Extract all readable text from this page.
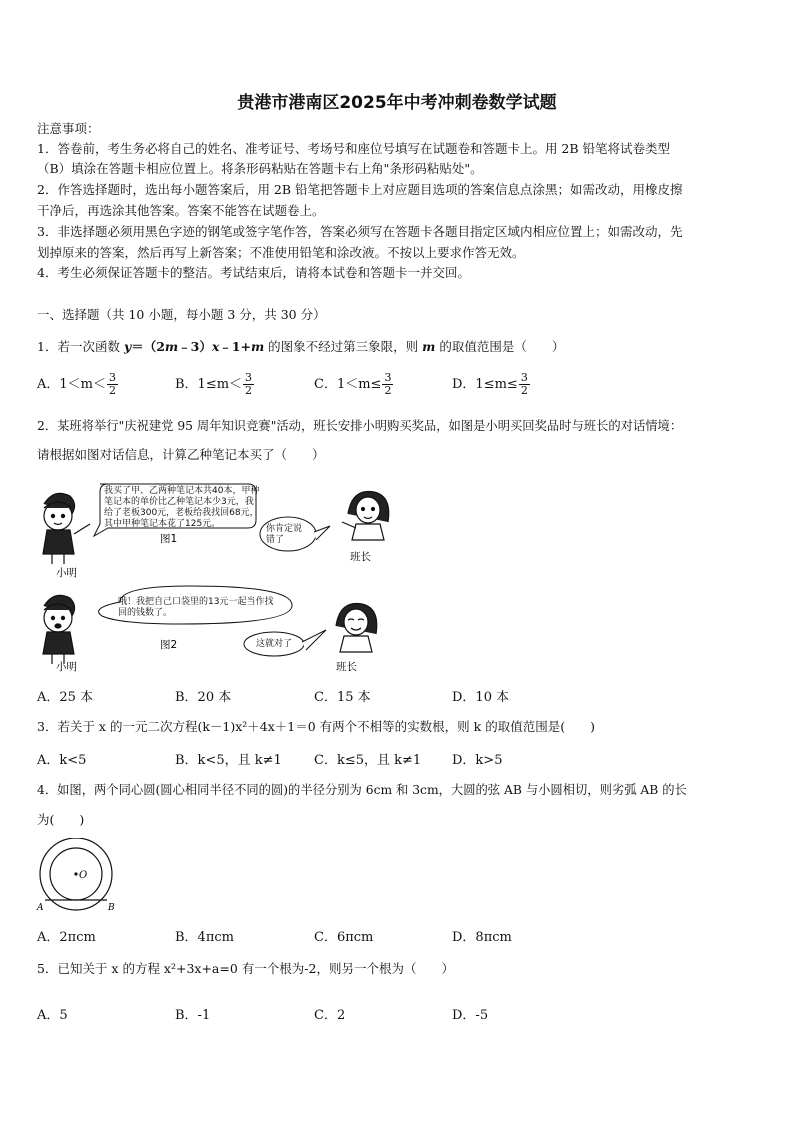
贵港市港南区2025年中考冲刺卷数学试题
注意事项：
1．答卷前，考生务必将自己的姓名、准考证号、考场号和座位号填写在试题卷和答题卡上。用 2B 铅笔将试卷类型
（B）填涂在答题卡相应位置上。将条形码粘贴在答题卡右上角"条形码粘贴处"。
2．作答选择题时，选出每小题答案后，用 2B 铅笔把答题卡上对应题目选项的答案信息点涂黑；如需改动，用橡皮擦
干净后，再选涂其他答案。答案不能答在试题卷上。
3．非选择题必须用黑色字迹的钢笔或签字笔作答，答案必须写在答题卡各题目指定区域内相应位置上；如需改动，先
划掉原来的答案，然后再写上新答案；不准使用铅笔和涂改液。不按以上要求作答无效。
4．考生必须保证答题卡的整洁。考试结束后，请将本试卷和答题卡一并交回。
一、选择题（共 10 小题，每小题 3 分，共 30 分）
1．若一次函数 y＝（2m﹣3）x﹣1+m 的图象不经过第三象限，则 m 的取值范围是（　　）
A．$1<m< \frac{3}{2}$	B．$1\le m< \frac{3}{2}$	C．$1<m\le \frac{3}{2}$	D．$1\le m\le \frac{3}{2}$
2．某班将举行"庆祝建党 95 周年知识竞赛"活动，班长安排小明购买奖品，如图是小明买回奖品时与班长的对话情境：
请根据如图对话信息，计算乙种笔记本买了（　　）
图1
班长
小明
图2
班长
小明
我买了甲、乙两种笔记本共40本，甲种
笔记本的单价比乙种笔记本少3元，我
给了老板300元，老板给我找回68元，
其中甲种笔记本花了125元。	你肯定说
错了
哦！我把自己口袋里的13元一起当作找
回的钱数了。
这就对了
A．25 本	B．20 本	C．15 本	D．10 本
3．若关于 x 的一元二次方程(k－1)x²＋4x＋1＝0 有两个不相等的实数根，则 k 的取值范围是(　　)
A．k<5	B．k<5，且 k≠1 C．k≤5，且 k≠1 D．k>5
4．如图，两个同心圆(圆心相同半径不同的圆)的半径分别为 6cm 和 3cm，大圆的弦 AB 与小圆相切，则劣弧 AB 的长
为(　　)
O
A	B
A．2πcm	B．4πcm	C．6πcm	D．8πcm
5．已知关于 x 的方程 x²+3x+a=0 有一个根为-2，则另一个根为（　　）
A．5	B．-1	C．2	D．-5
